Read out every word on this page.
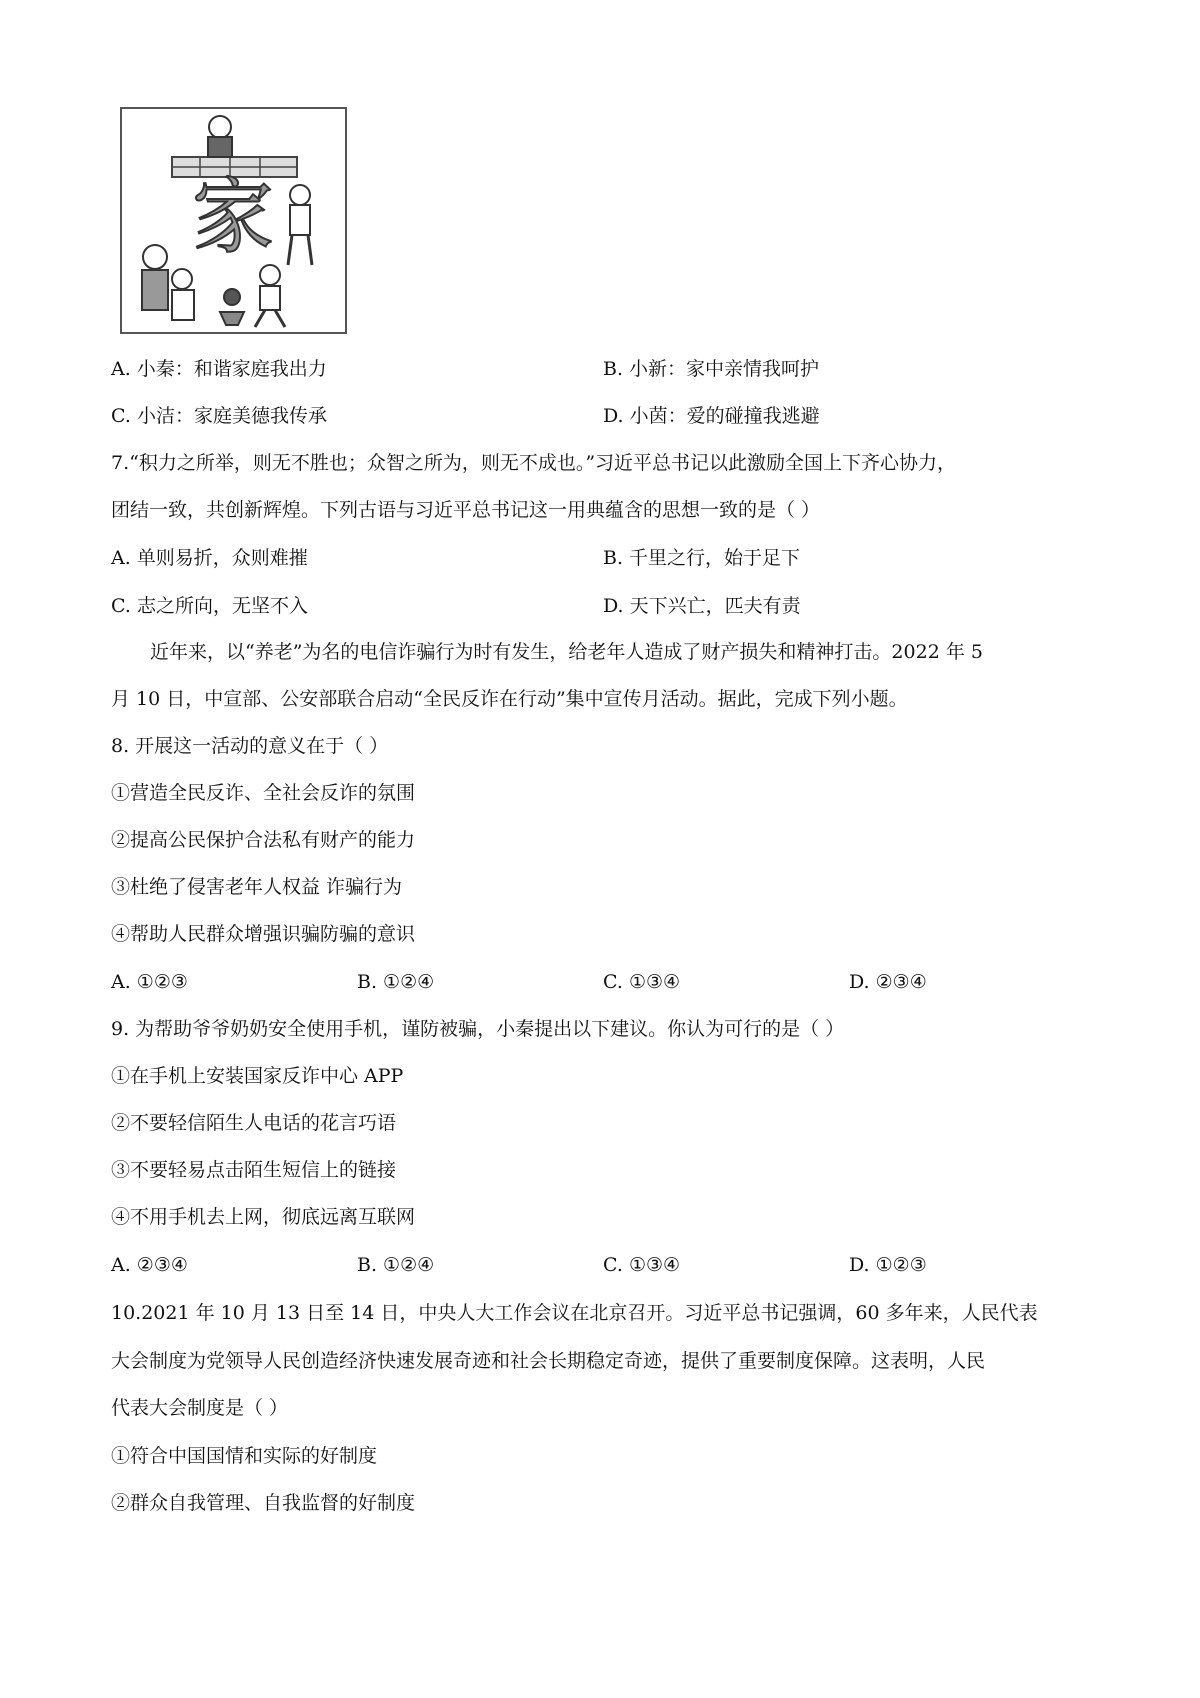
家
A. 小秦：和谐家庭我出力	B. 小新：家中亲情我呵护
C. 小洁：家庭美德我传承	D. 小茵：爱的碰撞我逃避
7.“积力之所举，则无不胜也；众智之所为，则无不成也。”习近平总书记以此激励全国上下齐心协力，
团结一致，共创新辉煌。下列古语与习近平总书记这一用典蕴含的思想一致的是（ ）
A. 单则易折，众则难摧	B. 千里之行，始于足下
C. 志之所向，无坚不入	D. 天下兴亡，匹夫有责
近年来，以“养老”为名的电信诈骗行为时有发生，给老年人造成了财产损失和精神打击。2022 年 5
月 10 日，中宣部、公安部联合启动“全民反诈在行动”集中宣传月活动。据此，完成下列小题。
8. 开展这一活动的意义在于（ ）
①营造全民反诈、全社会反诈的氛围
②提高公民保护合法私有财产的能力
③杜绝了侵害老年人权益 诈骗行为
④帮助人民群众增强识骗防骗的意识
A. ①②③	B. ①②④	C. ①③④	D. ②③④
9. 为帮助爷爷奶奶安全使用手机，谨防被骗，小秦提出以下建议。你认为可行的是（ ）
①在手机上安装国家反诈中心 APP
②不要轻信陌生人电话的花言巧语
③不要轻易点击陌生短信上的链接
④不用手机去上网，彻底远离互联网
A. ②③④	B. ①②④	C. ①③④	D. ①②③
10.2021 年 10 月 13 日至 14 日，中央人大工作会议在北京召开。习近平总书记强调，60 多年来，人民代表
大会制度为党领导人民创造经济快速发展奇迹和社会长期稳定奇迹，提供了重要制度保障。这表明，人民
代表大会制度是（ ）
①符合中国国情和实际的好制度
②群众自我管理、自我监督的好制度
